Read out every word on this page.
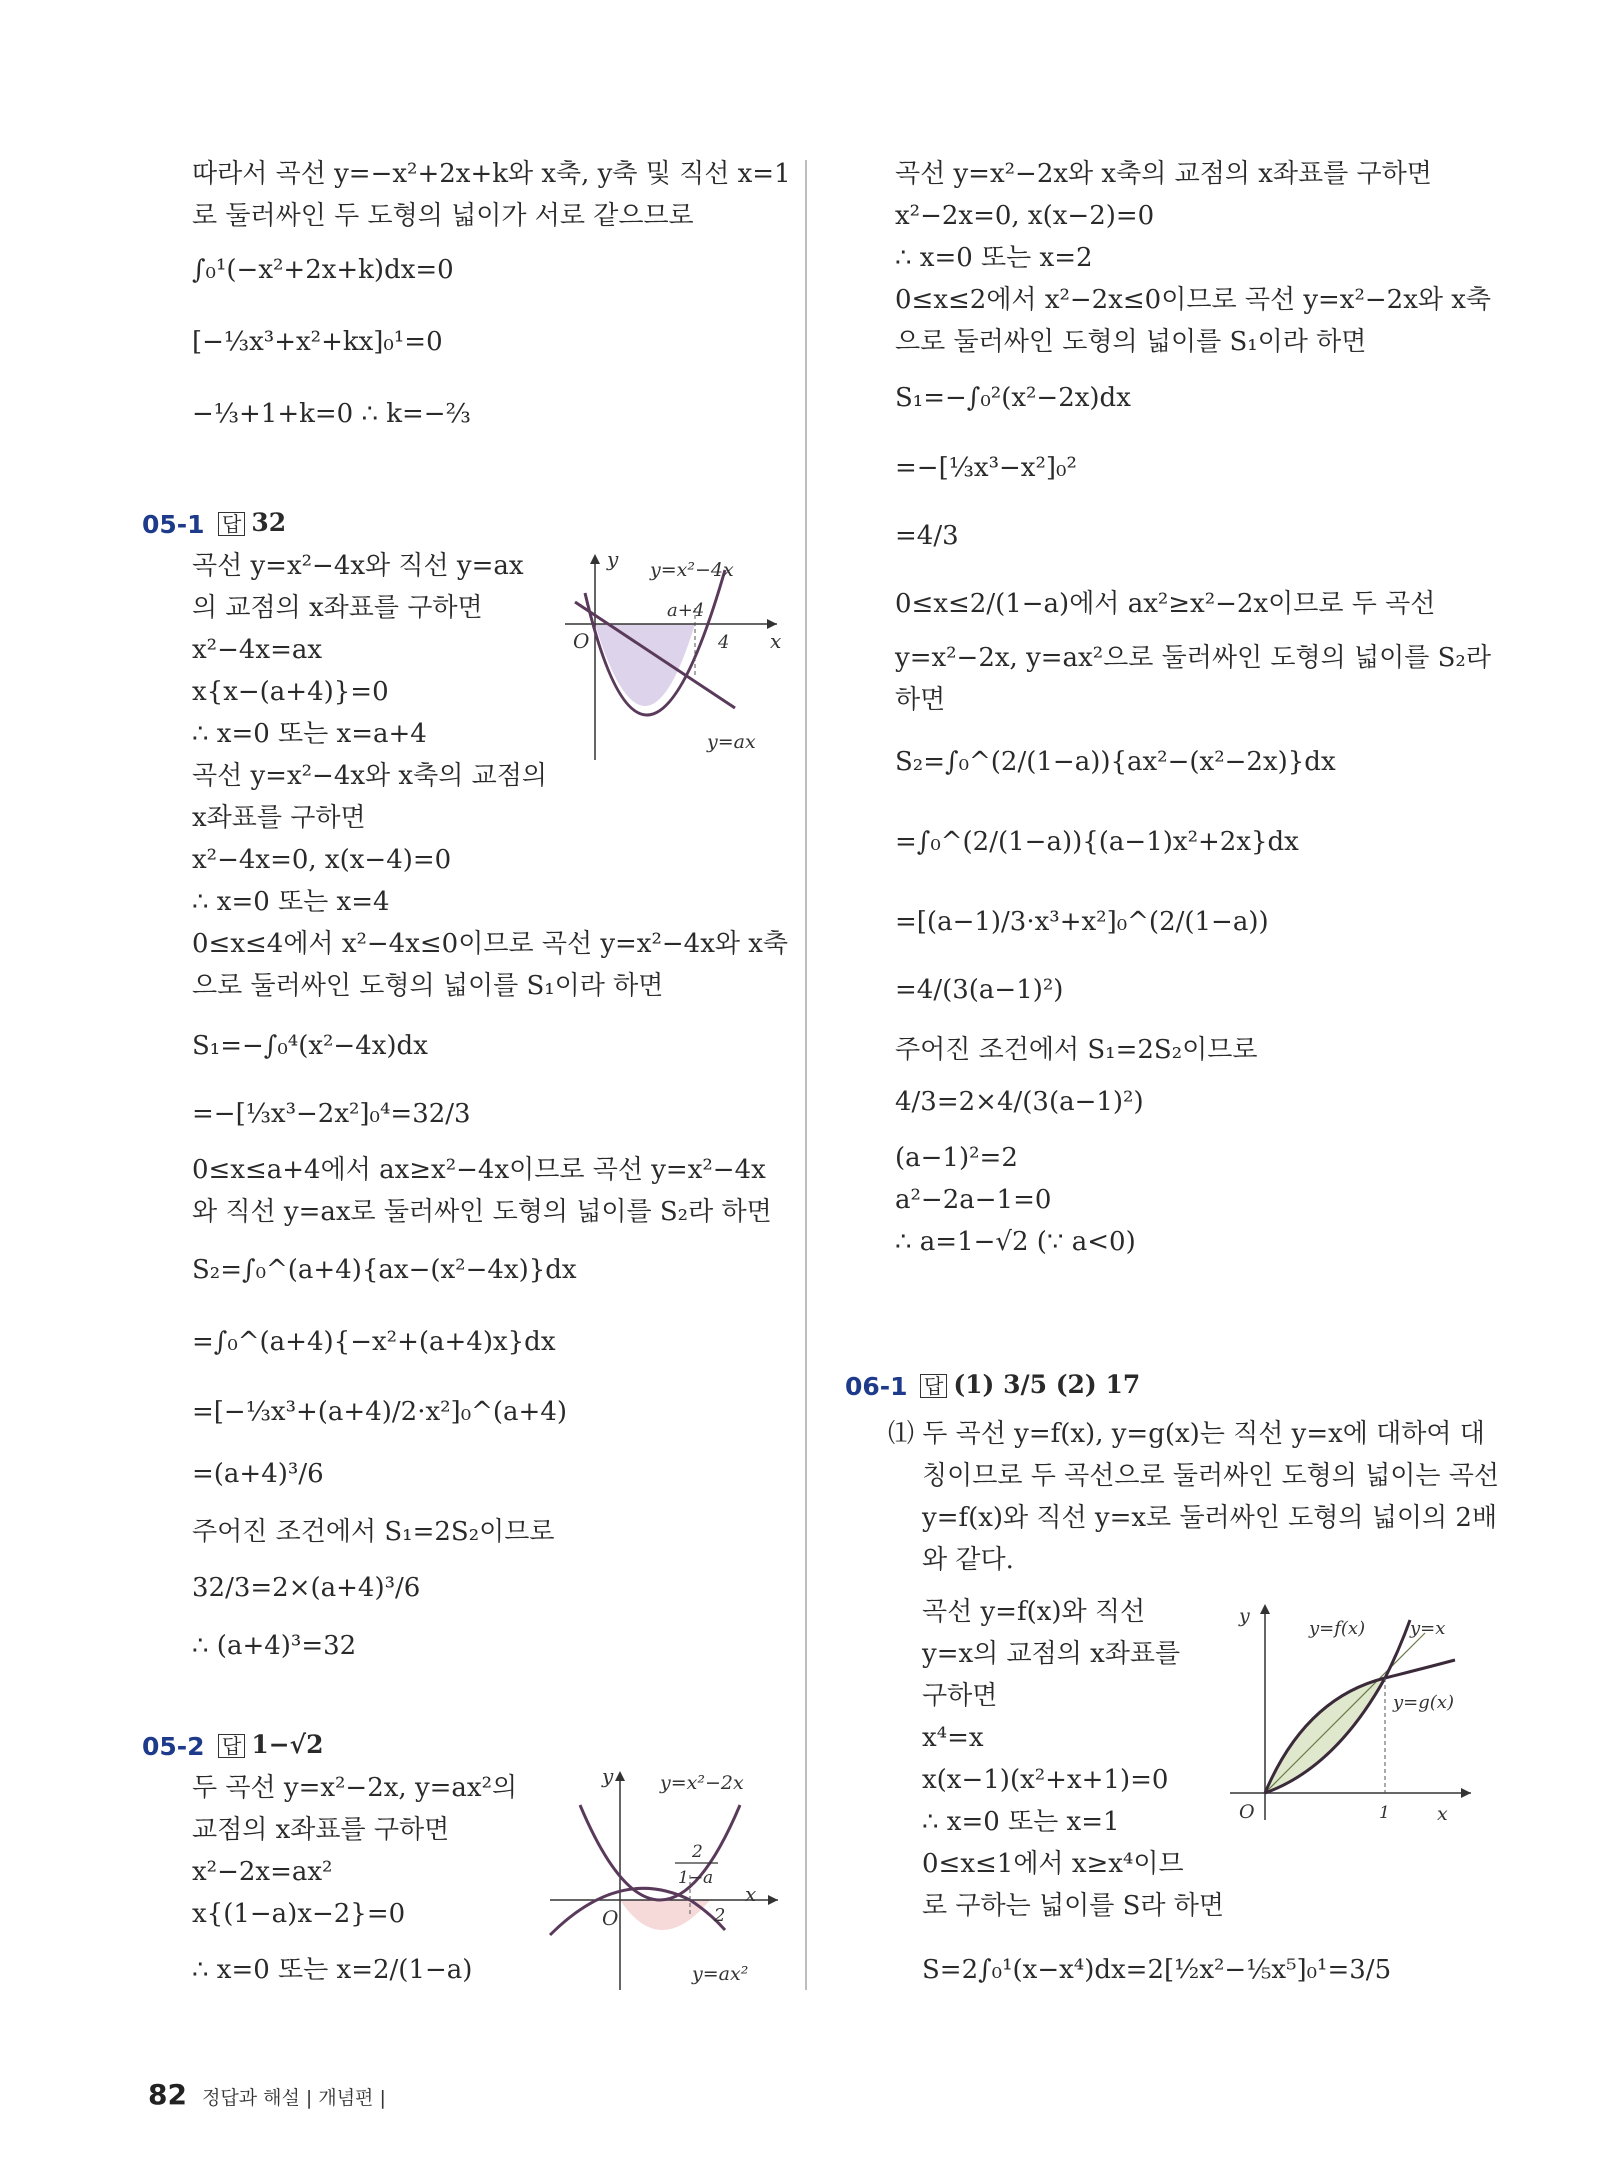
따라서 곡선 y=−x²+2x+k와 x축, y축 및 직선 x=1
로 둘러싸인 두 도형의 넓이가 서로 같으므로
∫₀¹(−x²+2x+k)dx=0
[−⅓x³+x²+kx]₀¹=0
−⅓+1+k=0 ∴ k=−⅔
05-1 답 32
곡선 y=x²−4x와 직선 y=ax
의 교점의 x좌표를 구하면
x²−4x=ax
x{x−(a+4)}=0
∴ x=0 또는 x=a+4
곡선 y=x²−4x와 x축의 교점의
x좌표를 구하면
x²−4x=0, x(x−4)=0
∴ x=0 또는 x=4
0≤x≤4에서 x²−4x≤0이므로 곡선 y=x²−4x와 x축
으로 둘러싸인 도형의 넓이를 S₁이라 하면
S₁=−∫₀⁴(x²−4x)dx
=−[⅓x³−2x²]₀⁴=32/3
0≤x≤a+4에서 ax≥x²−4x이므로 곡선 y=x²−4x
와 직선 y=ax로 둘러싸인 도형의 넓이를 S₂라 하면
S₂=∫₀^(a+4){ax−(x²−4x)}dx
=∫₀^(a+4){−x²+(a+4)x}dx
=[−⅓x³+(a+4)/2·x²]₀^(a+4)
=(a+4)³/6
주어진 조건에서 S₁=2S₂이므로
32/3=2×(a+4)³/6
∴ (a+4)³=32
y
x
O
y=x²−4x
a+4
4
y=ax
05-2 답 1−√2
두 곡선 y=x²−2x, y=ax²의
교점의 x좌표를 구하면
x²−2x=ax²
x{(1−a)x−2}=0
∴ x=0 또는 x=2/(1−a)
y
x
O
y=x²−2x
2
1−a
2
y=ax²
곡선 y=x²−2x와 x축의 교점의 x좌표를 구하면
x²−2x=0, x(x−2)=0
∴ x=0 또는 x=2
0≤x≤2에서 x²−2x≤0이므로 곡선 y=x²−2x와 x축
으로 둘러싸인 도형의 넓이를 S₁이라 하면
S₁=−∫₀²(x²−2x)dx
=−[⅓x³−x²]₀²
=4/3
0≤x≤2/(1−a)에서 ax²≥x²−2x이므로 두 곡선
y=x²−2x, y=ax²으로 둘러싸인 도형의 넓이를 S₂라
하면
S₂=∫₀^(2/(1−a)){ax²−(x²−2x)}dx
=∫₀^(2/(1−a)){(a−1)x²+2x}dx
=[(a−1)/3·x³+x²]₀^(2/(1−a))
=4/(3(a−1)²)
주어진 조건에서 S₁=2S₂이므로
4/3=2×4/(3(a−1)²)
(a−1)²=2
a²−2a−1=0
∴ a=1−√2 (∵ a<0)
06-1 답 (1) 3/5 (2) 17
⑴ 두 곡선 y=f(x), y=g(x)는 직선 y=x에 대하여 대
칭이므로 두 곡선으로 둘러싸인 도형의 넓이는 곡선
y=f(x)와 직선 y=x로 둘러싸인 도형의 넓이의 2배
와 같다.
곡선 y=f(x)와 직선
y=x의 교점의 x좌표를
구하면
x⁴=x
x(x−1)(x²+x+1)=0
∴ x=0 또는 x=1
0≤x≤1에서 x≥x⁴이므
로 구하는 넓이를 S라 하면
S=2∫₀¹(x−x⁴)dx=2[½x²−⅕x⁵]₀¹=3/5
y
x
O
y=f(x) y=x
y=g(x)
1
82 정답과 해설 | 개념편 |
